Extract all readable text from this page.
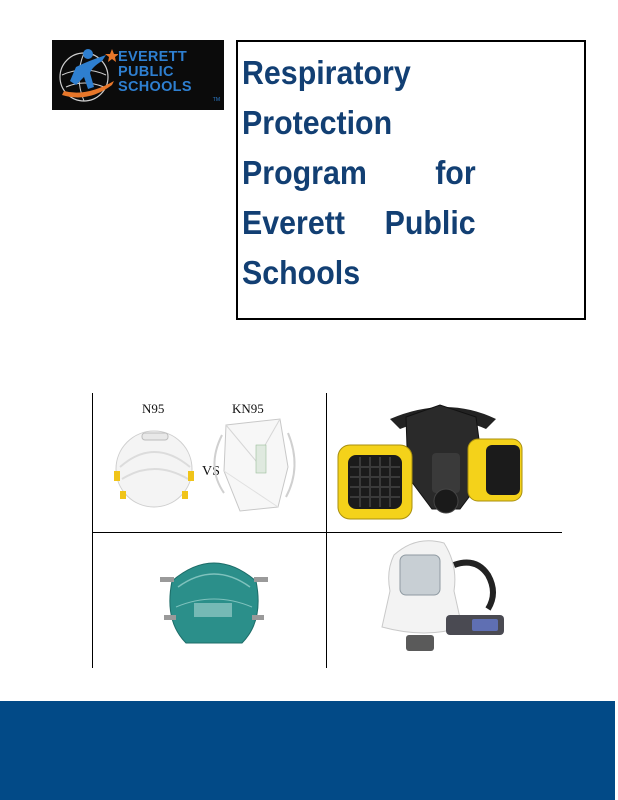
EVERETT
PUBLIC
SCHOOLS
TM
Respiratory
Protection
Program for
Everett Public
Schools
N95	KN95
VS
